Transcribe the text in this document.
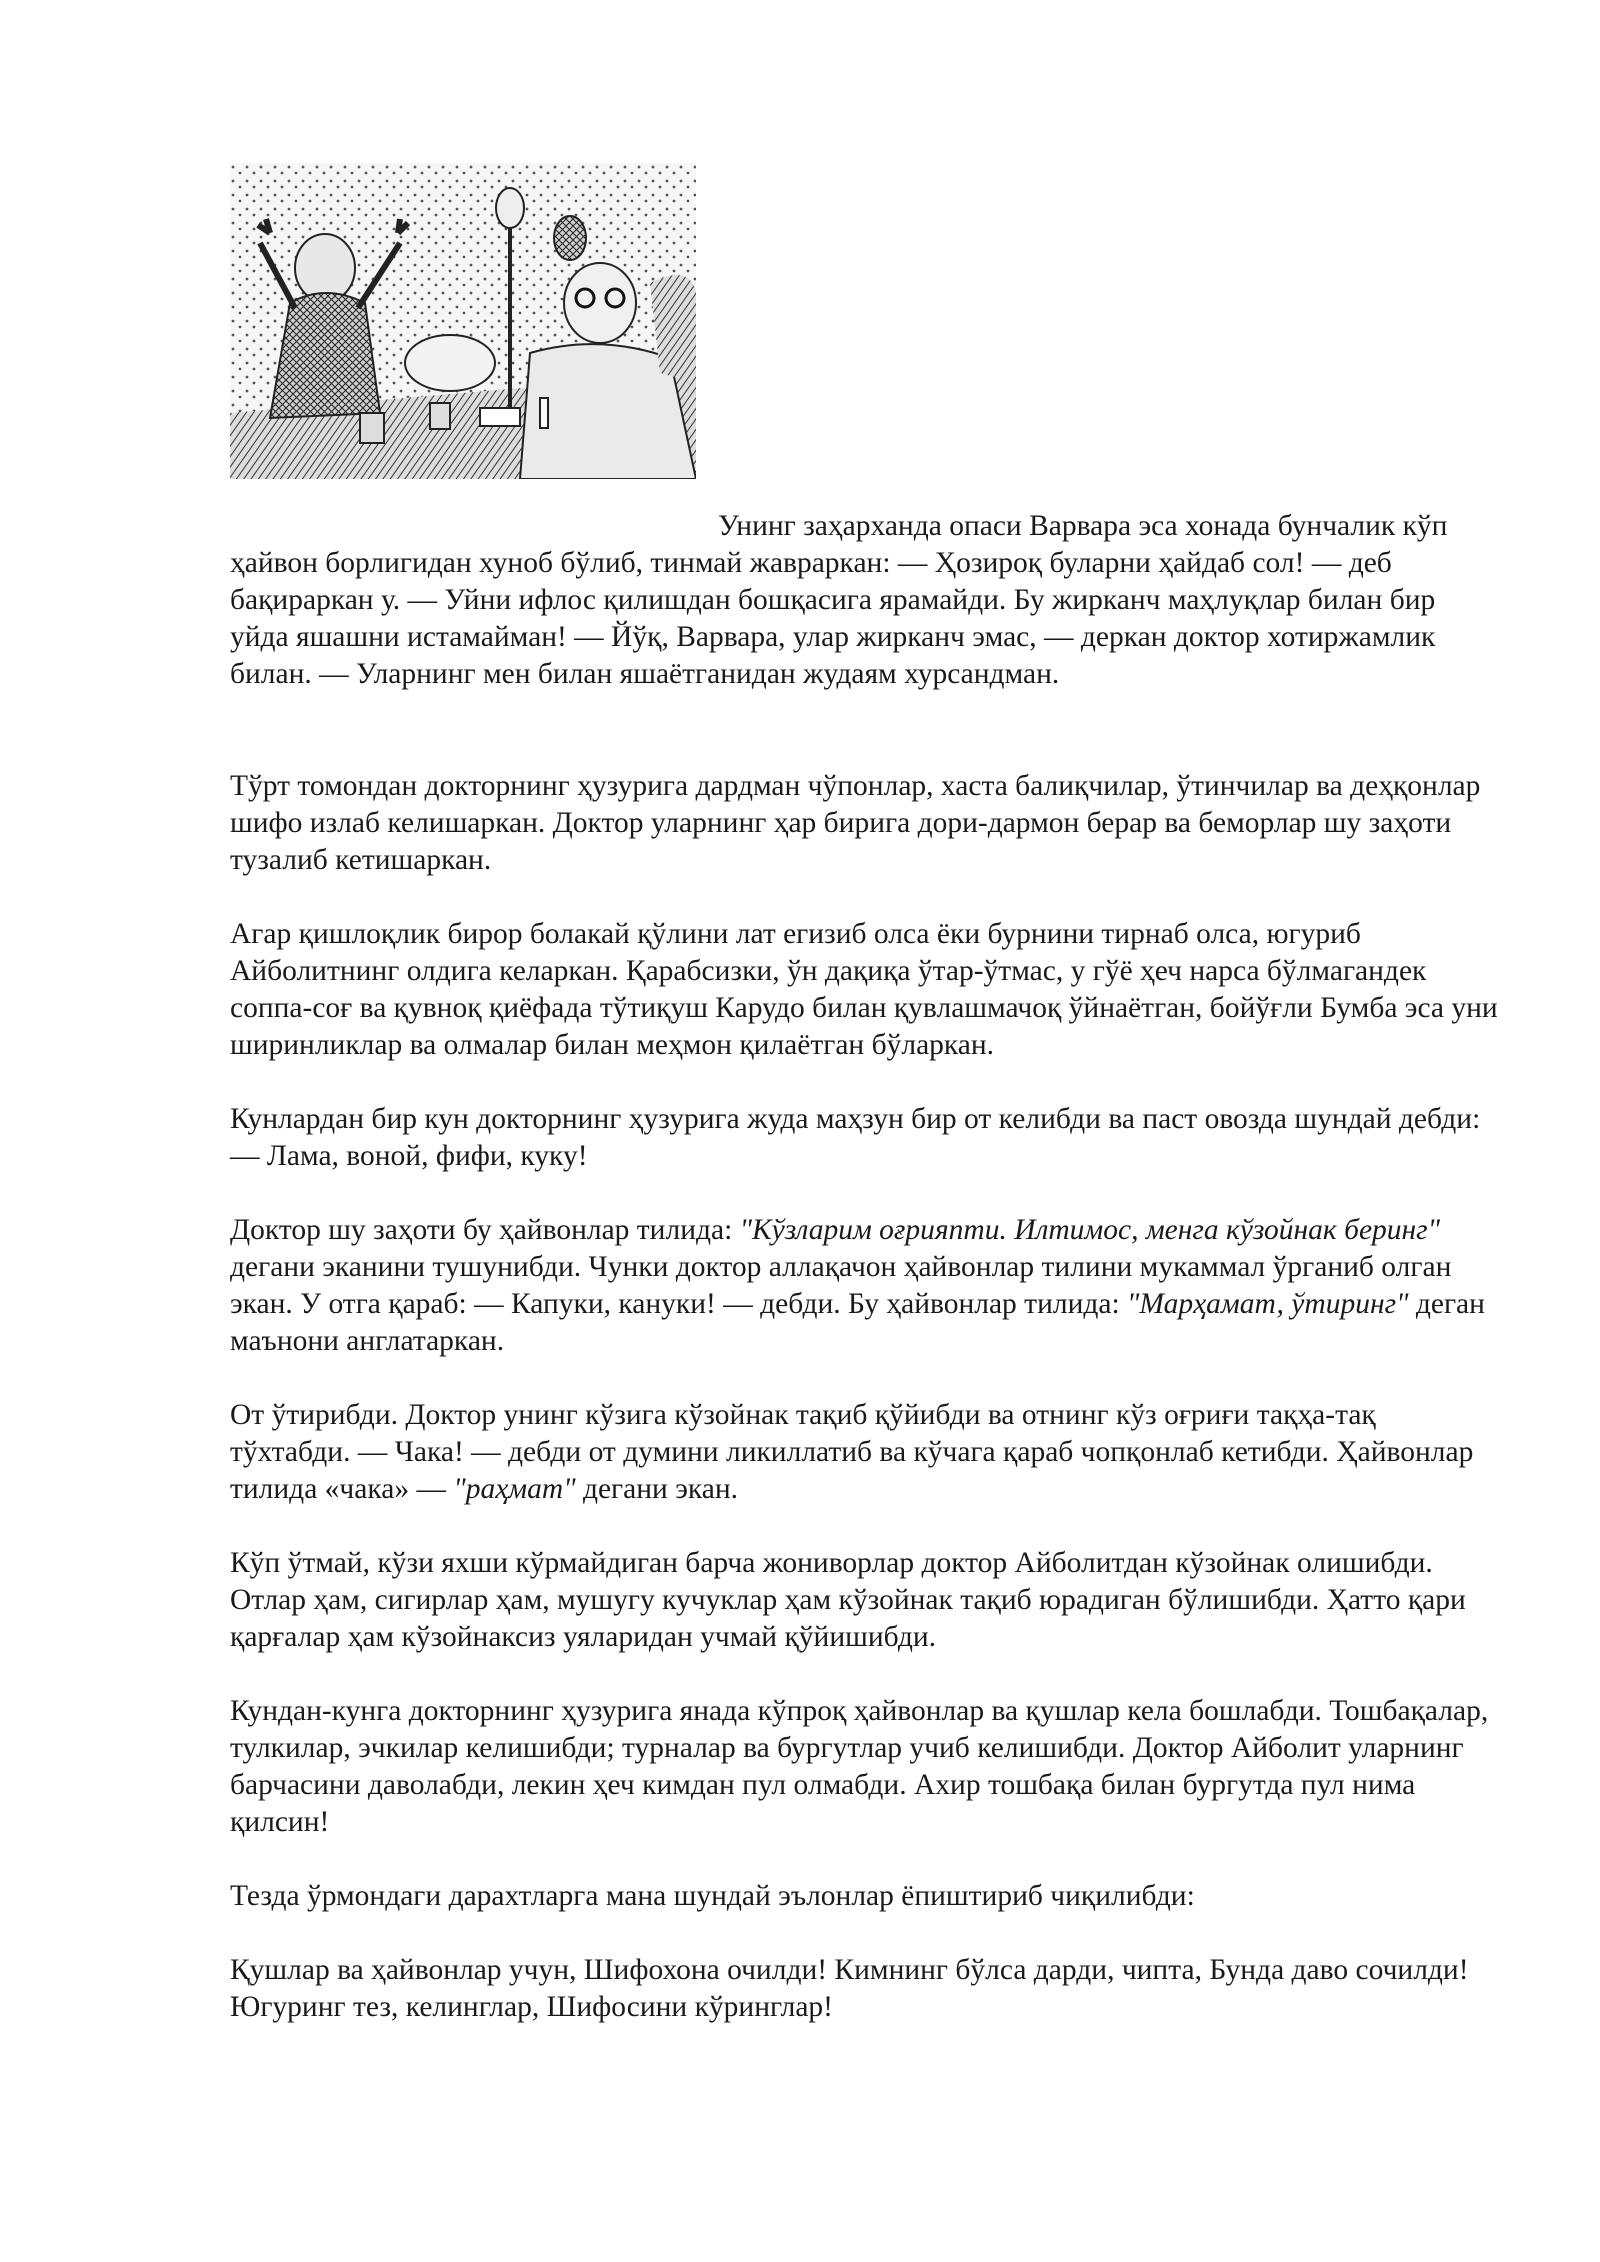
Унинг заҳарханда опаси Варвара эса хонада бунчалик кўп ҳайвон борлигидан хуноб бўлиб, тинмай жавраркан: — Ҳозироқ буларни ҳайдаб сол! — деб бақираркан у. — Уйни ифлос қилишдан бошқасига ярамайди. Бу жирканч маҳлуқлар билан бир уйда яшашни истамайман! — Йўқ, Варвара, улар жирканч эмас, — деркан доктор хотиржамлик билан. — Уларнинг мен билан яшаётганидан жудаям хурсандман.

Тўрт томондан докторнинг ҳузурига дардман чўпонлар, хаста балиқчилар, ўтинчилар ва деҳқонлар шифо излаб келишаркан. Доктор уларнинг ҳар бирига дори-дармон берар ва беморлар шу заҳоти тузалиб кетишаркан.

Агар қишлоқлик бирор болакай қўлини лат егизиб олса ёки бурнини тирнаб олса, югуриб Айболитнинг олдига келаркан. Қарабсизки, ўн дақиқа ўтар-ўтмас, у гўё ҳеч нарса бўлмагандек соппа-соғ ва қувноқ қиёфада тўтиқуш Карудо билан қувлашмачоқ ўйнаётган, бойўғли Бумба эса уни ширинликлар ва олмалар билан меҳмон қилаётган бўларкан.

Кунлардан бир кун докторнинг ҳузурига жуда маҳзун бир от келибди ва паст овозда шундай дебди: — Лама, воной, фифи, куку!

Доктор шу заҳоти бу ҳайвонлар тилида: "Кўзларим оғрияпти. Илтимос, менга кўзойнак беринг" дегани эканини тушунибди. Чунки доктор аллақачон ҳайвонлар тилини мукаммал ўрганиб олган экан. У отга қараб: — Капуки, кануки! — дебди. Бу ҳайвонлар тилида: "Марҳамат, ўтиринг" деган маънони англатаркан.

От ўтирибди. Доктор унинг кўзига кўзойнак тақиб қўйибди ва отнинг кўз оғриғи тақҳа-тақ тўхтабди. — Чака! — дебди от думини ликиллатиб ва кўчага қараб чопқонлаб кетибди. Ҳайвонлар тилида «чака» — "раҳмат" дегани экан.

Кўп ўтмай, кўзи яхши кўрмайдиган барча жониворлар доктор Айболитдан кўзойнак олишибди. Отлар ҳам, сигирлар ҳам, мушугу кучуклар ҳам кўзойнак тақиб юрадиган бўлишибди. Ҳатто қари қарғалар ҳам кўзойнаксиз уяларидан учмай қўйишибди.

Кундан-кунга докторнинг ҳузурига янада кўпроқ ҳайвонлар ва қушлар кела бошлабди. Тошбақалар, тулкилар, эчкилар келишибди; турналар ва бургутлар учиб келишибди. Доктор Айболит уларнинг барчасини даволабди, лекин ҳеч кимдан пул олмабди. Ахир тошбақа билан бургутда пул нима қилсин!

Тезда ўрмондаги дарахтларга мана шундай эълонлар ёпиштириб чиқилибди:

Қушлар ва ҳайвонлар учун, Шифохона очилди! Кимнинг бўлса дарди, чипта, Бунда даво сочилди! Югуринг тез, келинглар, Шифосини кўринглар!
